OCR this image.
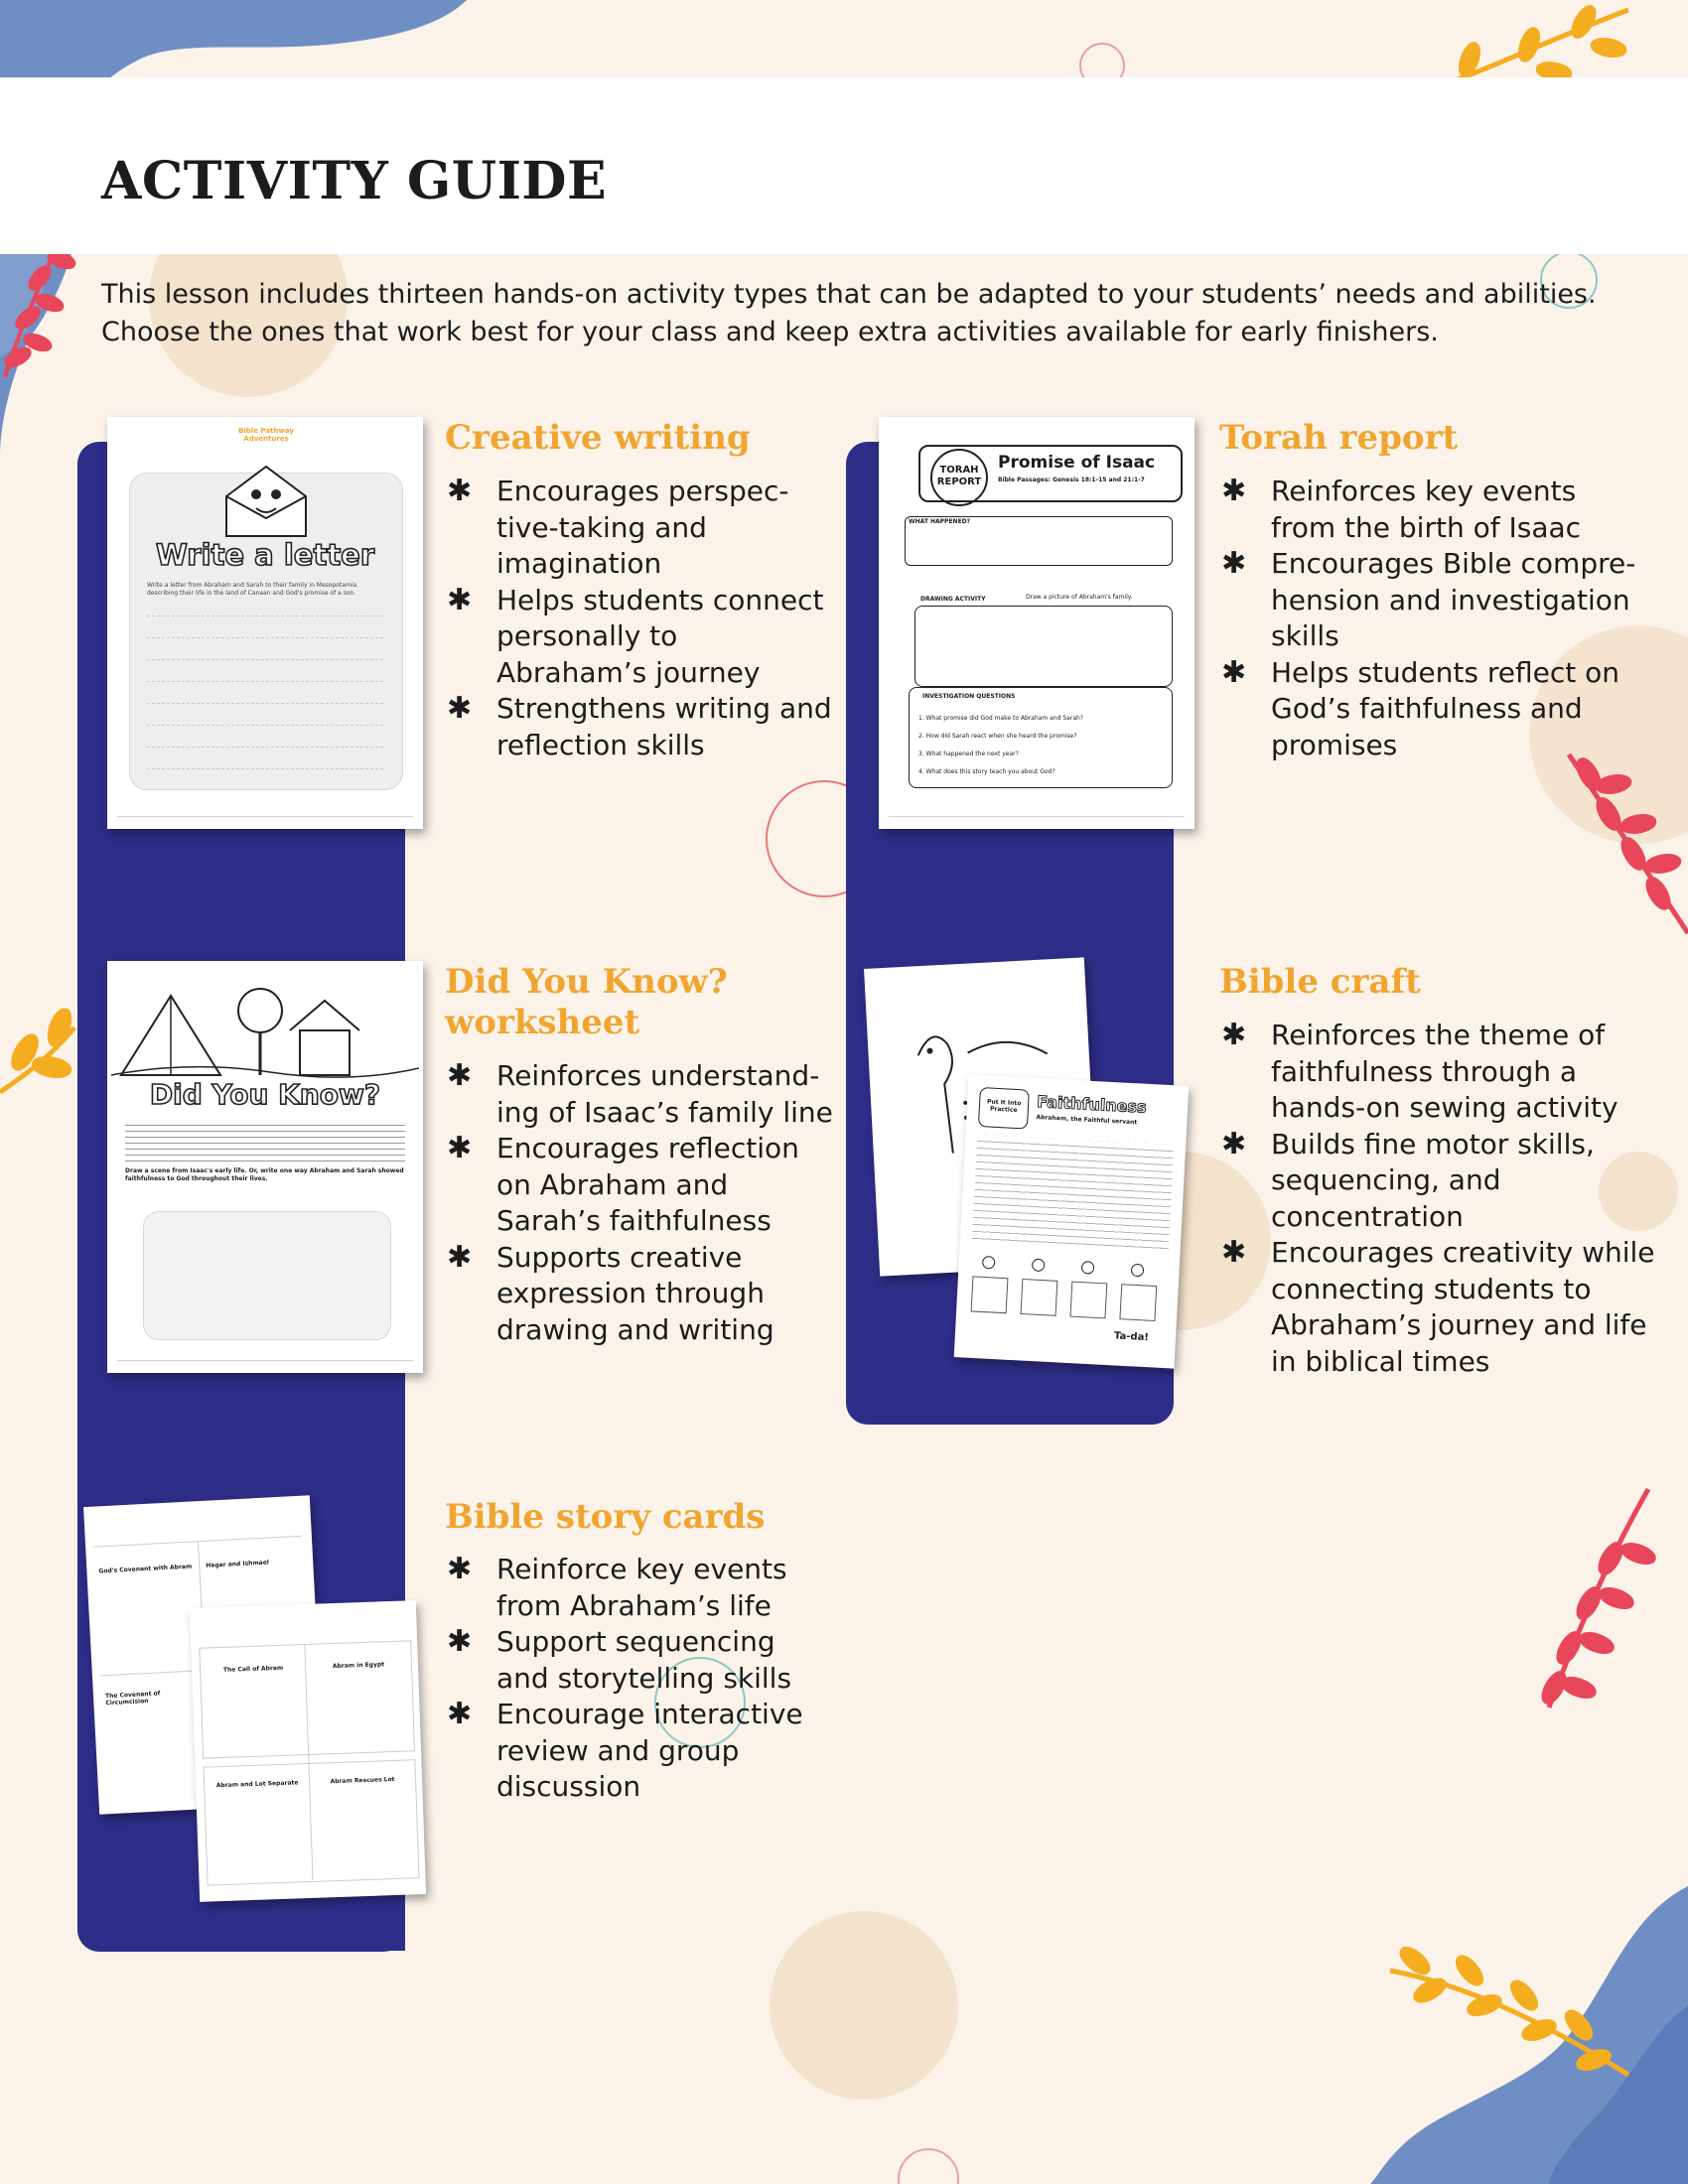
ACTIVITY GUIDE

This lesson includes thirteen hands-on activity types that can be adapted to your students’ needs and abilities. Choose the ones that work best for your class and keep extra activities available for early finishers.

Bible Pathway Adventures
Write a letter
Write a letter from Abraham and Sarah to their family in Mesopotamia describing their life in the land of Canaan and God's promise of a son.
TORAH REPORT
Promise of Isaac
Bible Passages: Genesis 18:1-15 and 21:1-7
WHAT HAPPENED?
DRAWING ACTIVITY	Draw a picture of Abraham's family.
INVESTIGATION QUESTIONS
1. What promise did God make to Abraham and Sarah?
2. How did Sarah react when she heard the promise?
3. What happened the next year?
4. What does this story teach you about God?
Did You Know?
Draw a scene from Isaac's early life. Or, write one way Abraham and Sarah showed faithfulness to God throughout their lives.
Put It Into Practice	Faithfulness
Abraham, the Faithful servant
Ta-da!
God's Covenant with Abram	Hagar and Ishmael
The Covenant of Circumcision
The Call of Abram	Abram in Egypt
Abram and Lot Separate	Abram Rescues Lot
Creative writing
✱ Encourages perspec-tive-taking and imagination
✱ Helps students connect personally to Abraham’s journey
✱ Strengthens writing and reflection skills
Torah report
✱ Reinforces key events from the birth of Isaac
✱ Encourages Bible compre-hension and investigation skills
✱ Helps students reflect on God’s faithfulness and promises
Did You Know? worksheet
✱ Reinforces understand-ing of Isaac’s family line
✱ Encourages reflection on Abraham and Sarah’s faithfulness
✱ Supports creative expression through drawing and writing
Bible craft
✱ Reinforces the theme of faithfulness through a hands-on sewing activity
✱ Builds fine motor skills, sequencing, and concentration
✱ Encourages creativity while connecting students to Abraham’s journey and life in biblical times
Bible story cards
✱ Reinforce key events from Abraham’s life
✱ Support sequencing and storytelling skills
✱ Encourage interactive review and group discussion
